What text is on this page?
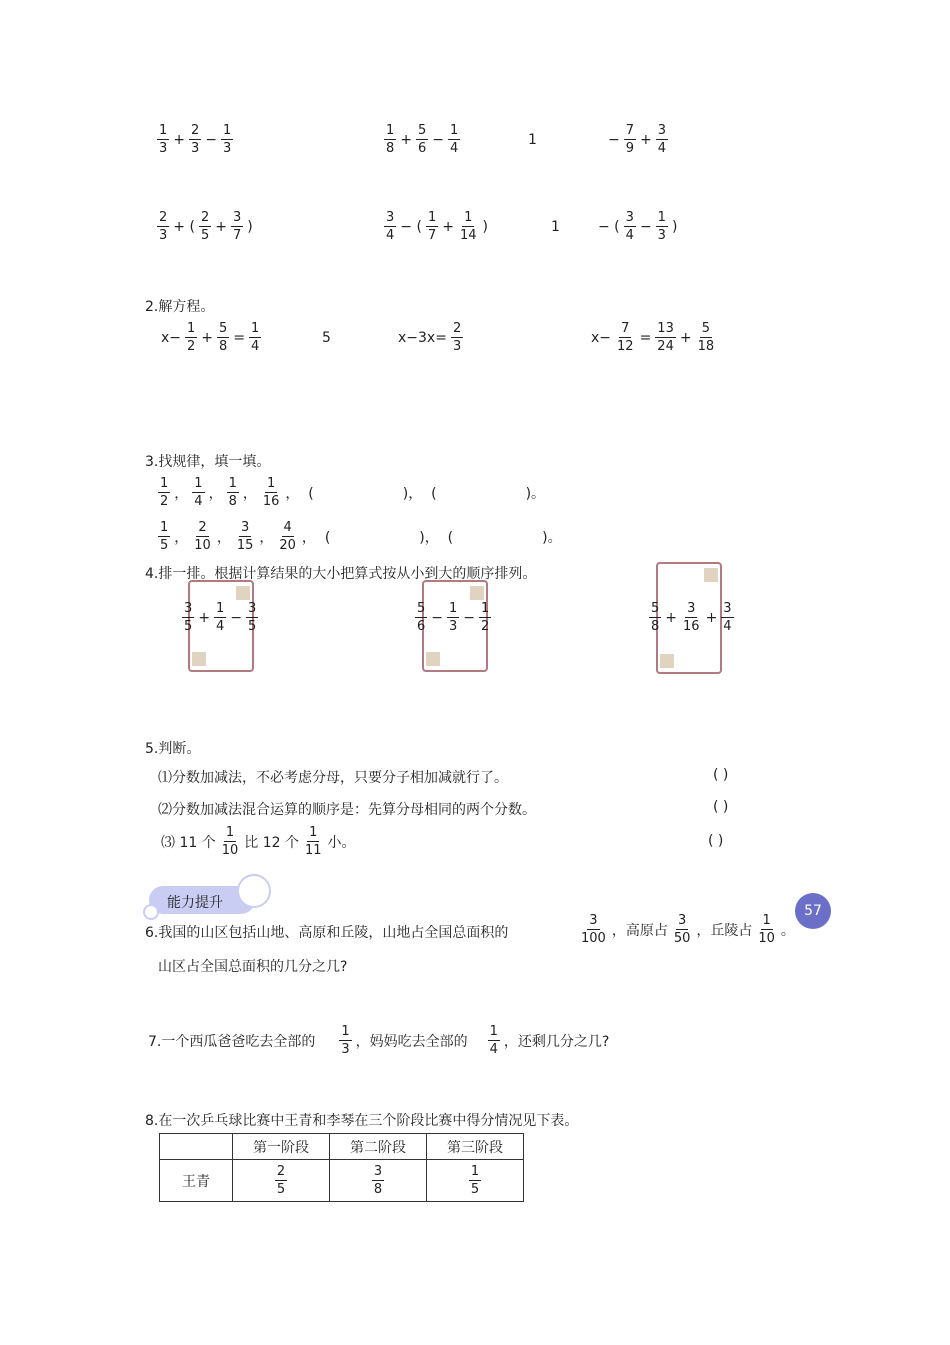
$\frac{1}{3} + \frac{2}{3} - \frac{1}{3}$	$\frac{1}{8} + \frac{5}{6} - \frac{1}{4}$	1	− $\frac{7}{9} + \frac{3}{4}$
$\frac{2}{3}$ + ( $\frac{2}{5} + \frac{3}{7}$ )	$\frac{3}{4}$ − ( $\frac{1}{7} + \frac{1}{14}$ )	1	− ( $\frac{3}{4} - \frac{1}{3}$ )
2.解方程。
$x- \frac{1}{2} + \frac{5}{8} = \frac{1}{4}$	5	$x-3x= \frac{2}{3}$	$x- \frac{7}{12} = \frac{13}{24} + \frac{5}{18}$
3.找规律，填一填。
$\frac{1}{2}$ ， $\frac{1}{4}$ ， $\frac{1}{8}$ ， $\frac{1}{16}$ ，  (                    )，  (                    )。
$\frac{1}{5}$ ， $\frac{2}{10}$ ， $\frac{3}{15}$ ， $\frac{4}{20}$ ，  (                    )，  (                    )。
4.排一排。根据计算结果的大小把算式按从小到大的顺序排列。
$\frac{3}{5} + \frac{1}{4} - \frac{3}{5}$	$\frac{5}{6} - \frac{1}{3} - \frac{1}{2}$	$\frac{5}{8} + \frac{3}{16} + \frac{3}{4}$
5.判断。
⑴分数加减法，不必考虑分母，只要分子相加减就行了。	( )
⑵分数加减法混合运算的顺序是：先算分母相同的两个分数。	( )
⑶ 11 个 $\frac{1}{10}$ 比 12 个 $\frac{1}{11}$ 小。	( )
能力提升	57
6.我国的山区包括山地、高原和丘陵，山地占全国总面积的	$\frac{3}{100}$ ，高原占 $\frac{3}{50}$ ，丘陵占 $\frac{1}{10}$ 。
山区占全国总面积的几分之几?
7.一个西瓜爸爸吃去全部的 $\frac{1}{3}$ ，妈妈吃去全部的 $\frac{1}{4}$ ，还剩几分之几?
8.在一次乒乓球比赛中王青和李琴在三个阶段比赛中得分情况见下表。
	第一阶段	第二阶段	第三阶段
王青	$\frac{2}{5}$	$\frac{3}{8}$	$\frac{1}{5}$
